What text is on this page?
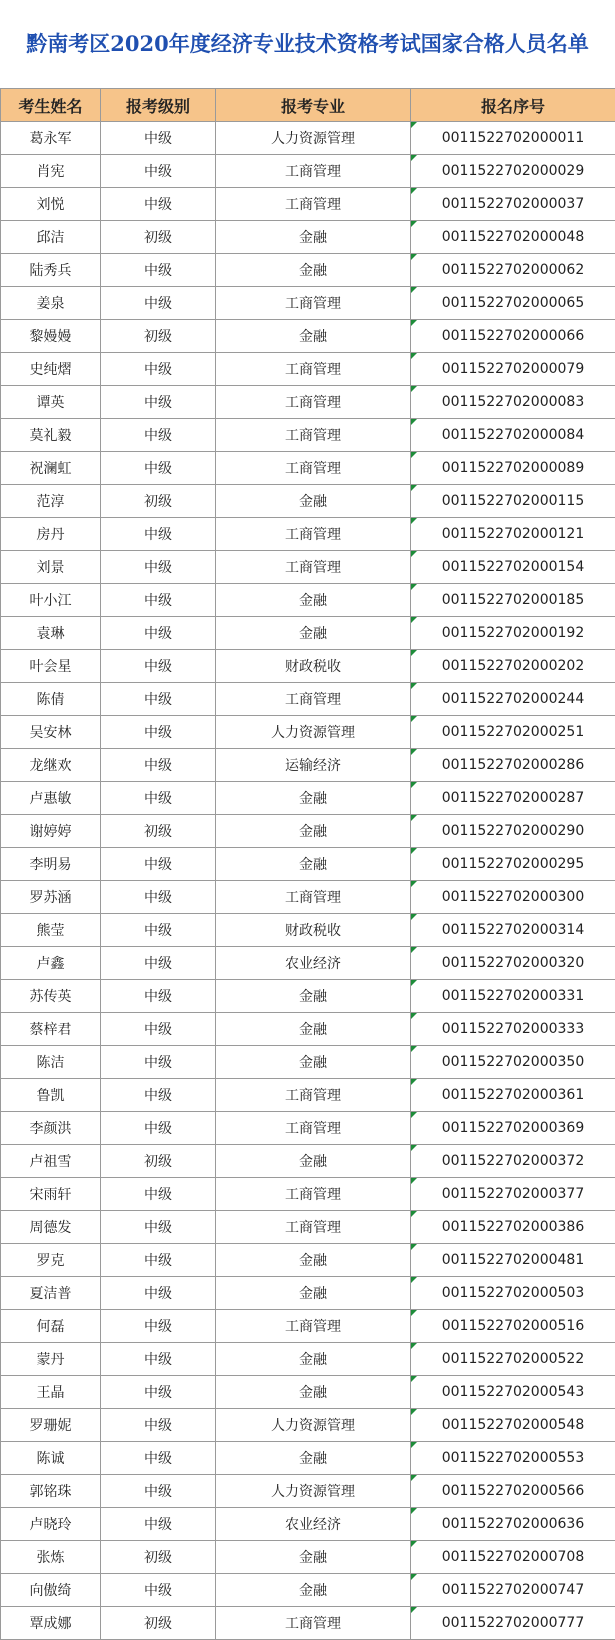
黔南考区2020年度经济专业技术资格考试国家合格人员名单
考生姓名	报考级别	报考专业	报名序号
葛永军	中级	人力资源管理	0011522702000011
肖宪	中级	工商管理	0011522702000029
刘悦	中级	工商管理	0011522702000037
邱洁	初级	金融	0011522702000048
陆秀兵	中级	金融	0011522702000062
姜泉	中级	工商管理	0011522702000065
黎嫚嫚	初级	金融	0011522702000066
史纯熠	中级	工商管理	0011522702000079
谭英	中级	工商管理	0011522702000083
莫礼毅	中级	工商管理	0011522702000084
祝澜虹	中级	工商管理	0011522702000089
范淳	初级	金融	0011522702000115
房丹	中级	工商管理	0011522702000121
刘景	中级	工商管理	0011522702000154
叶小江	中级	金融	0011522702000185
袁琳	中级	金融	0011522702000192
叶会星	中级	财政税收	0011522702000202
陈倩	中级	工商管理	0011522702000244
吴安林	中级	人力资源管理	0011522702000251
龙继欢	中级	运输经济	0011522702000286
卢惠敏	中级	金融	0011522702000287
谢婷婷	初级	金融	0011522702000290
李明易	中级	金融	0011522702000295
罗苏涵	中级	工商管理	0011522702000300
熊莹	中级	财政税收	0011522702000314
卢鑫	中级	农业经济	0011522702000320
苏传英	中级	金融	0011522702000331
蔡梓君	中级	金融	0011522702000333
陈洁	中级	金融	0011522702000350
鲁凯	中级	工商管理	0011522702000361
李颜洪	中级	工商管理	0011522702000369
卢祖雪	初级	金融	0011522702000372
宋雨轩	中级	工商管理	0011522702000377
周德发	中级	工商管理	0011522702000386
罗克	中级	金融	0011522702000481
夏洁普	中级	金融	0011522702000503
何磊	中级	工商管理	0011522702000516
蒙丹	中级	金融	0011522702000522
王晶	中级	金融	0011522702000543
罗珊妮	中级	人力资源管理	0011522702000548
陈诚	中级	金融	0011522702000553
郭铭珠	中级	人力资源管理	0011522702000566
卢晓玲	中级	农业经济	0011522702000636
张炼	初级	金融	0011522702000708
向傲绮	中级	金融	0011522702000747
覃成娜	初级	工商管理	0011522702000777
